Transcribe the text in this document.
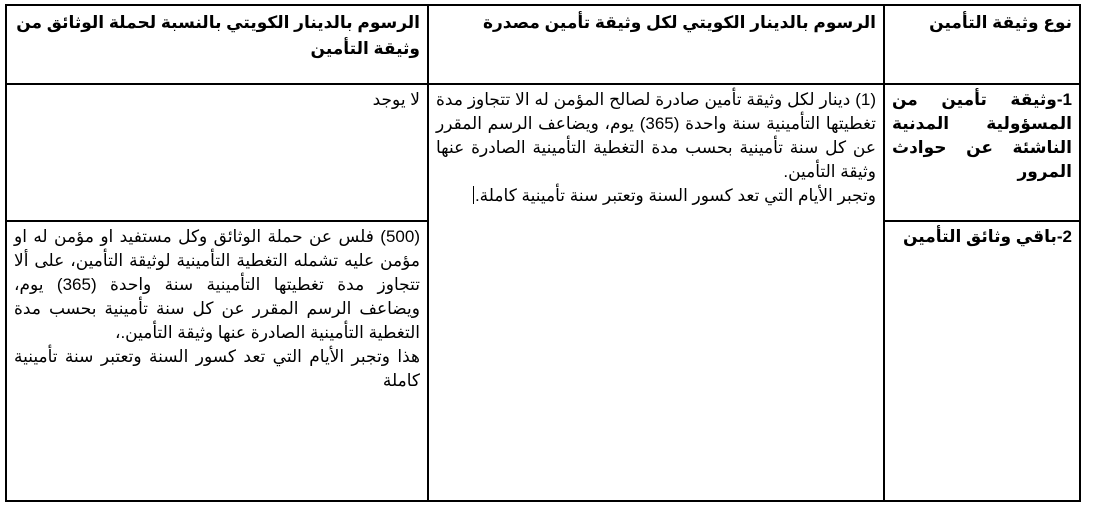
نوع وثيقة التأمين	الرسوم بالدينار الكويتي لكل وثيقة تأمين مصدرة	الرسوم بالدينار الكويتي بالنسبة لحملة الوثائق من وثيقة التأمين
1-وثيقة تأمين من المسؤولية المدنية الناشئة عن حوادث المرور	(1) دينار لكل وثيقة تأمين صادرة لصالح المؤمن له الا تتجاوز مدة تغطيتها التأمينية سنة واحدة (365) يوم، ويضاعف الرسم المقرر عن كل سنة تأمينية بحسب مدة التغطية التأمينية الصادرة عنها وثيقة التأمين.

وتجبر الأيام التي تعد كسور السنة وتعتبر سنة تأمينية كاملة.	لا يوجد
2-باقي وثائق التأمين		(500) فلس عن حملة الوثائق وكل مستفيد او مؤمن له او مؤمن عليه تشمله التغطية التأمينية لوثيقة التأمين، على ألا تتجاوز مدة تغطيتها التأمينية سنة واحدة (365) يوم، ويضاعف الرسم المقرر عن كل سنة تأمينية بحسب مدة التغطية التأمينية الصادرة عنها وثيقة التأمين.،

هذا وتجبر الأيام التي تعد كسور السنة وتعتبر سنة تأمينية كاملة
